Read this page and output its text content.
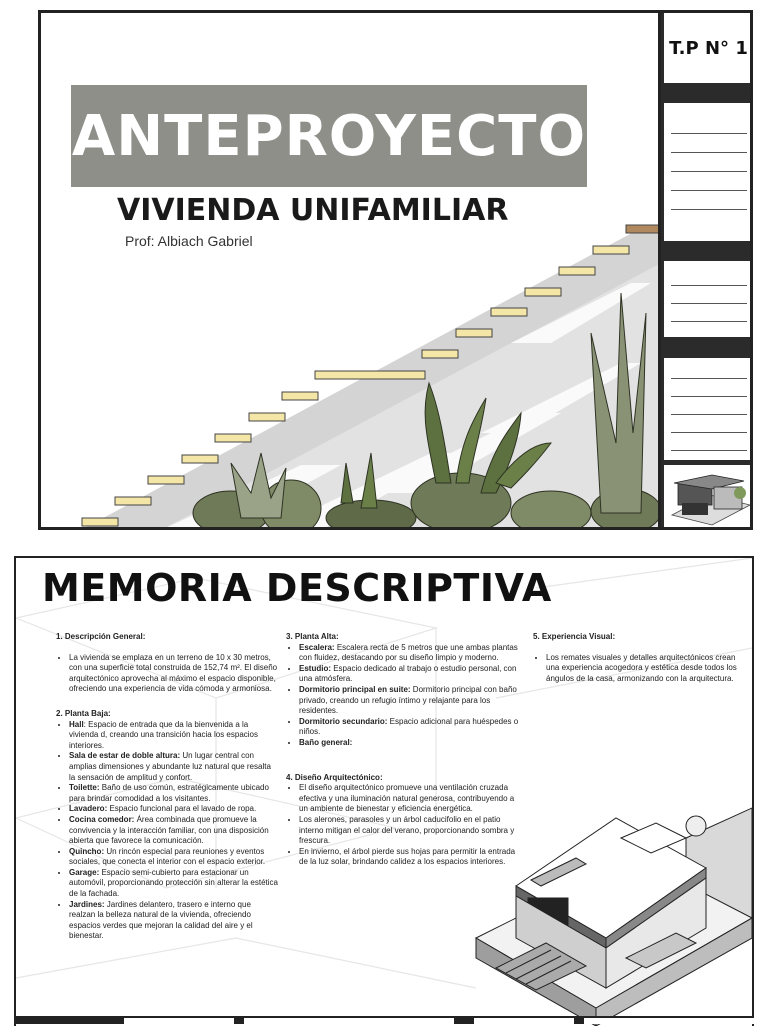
ANTEPROYECTO
VIVIENDA UNIFAMILIAR
Prof: Albiach Gabriel
T.P N° 1
MEMORIA DESCRIPTIVA
1. Descripción General:
• La vivienda se emplaza en un terreno de 10 x 30 metros, con una superficie total construida de 152,74 m². El diseño arquitectónico aprovecha al máximo el espacio disponible, ofreciendo una experiencia de vida cómoda y armoniosa.
2. Planta Baja:
• Hall: Espacio de entrada que da la bienvenida a la vivienda d, creando una transición hacia los espacios interiores.
• Sala de estar de doble altura: Un lugar central con amplias dimensiones y abundante luz natural que resalta la sensación de amplitud y confort.
• Toilette: Baño de uso común, estratégicamente ubicado para brindar comodidad a los visitantes.
• Lavadero: Espacio funcional para el lavado de ropa.
• Cocina comedor: Área combinada que promueve la convivencia y la interacción familiar, con una disposición abierta que favorece la comunicación.
• Quincho: Un rincón especial para reuniones y eventos sociales, que conecta el interior con el espacio exterior.
• Garage: Espacio semi-cubierto para estacionar un automóvil, proporcionando protección sin alterar la estética de la fachada.
• Jardines: Jardines delantero, trasero e interno que realzan la belleza natural de la vivienda, ofreciendo espacios verdes que mejoran la calidad del aire y el bienestar.
3. Planta Alta:
• Escalera: Escalera recta de 5 metros que une ambas plantas con fluidez, destacando por su diseño limpio y moderno.
• Estudio: Espacio dedicado al trabajo o estudio personal, con una atmósfera.
• Dormitorio principal en suite: Dormitorio principal con baño privado, creando un refugio íntimo y relajante para los residentes.
• Dormitorio secundario: Espacio adicional para huéspedes o niños.
• Baño general:
4. Diseño Arquitectónico:
• El diseño arquitectónico promueve una ventilación cruzada efectiva y una iluminación natural generosa, contribuyendo a un ambiente de bienestar y eficiencia energética.
• Los alerones, parasoles y un árbol caducifolio en el patio interno mitigan el calor del verano, proporcionando sombra y frescura.
• En invierno, el árbol pierde sus hojas para permitir la entrada de la luz solar, brindando calidez a los espacios interiores.
5. Experiencia Visual:
• Los remates visuales y detalles arquitectónicos crean una experiencia acogedora y estética desde todos los ángulos de la casa, armonizando con la arquitectura.
